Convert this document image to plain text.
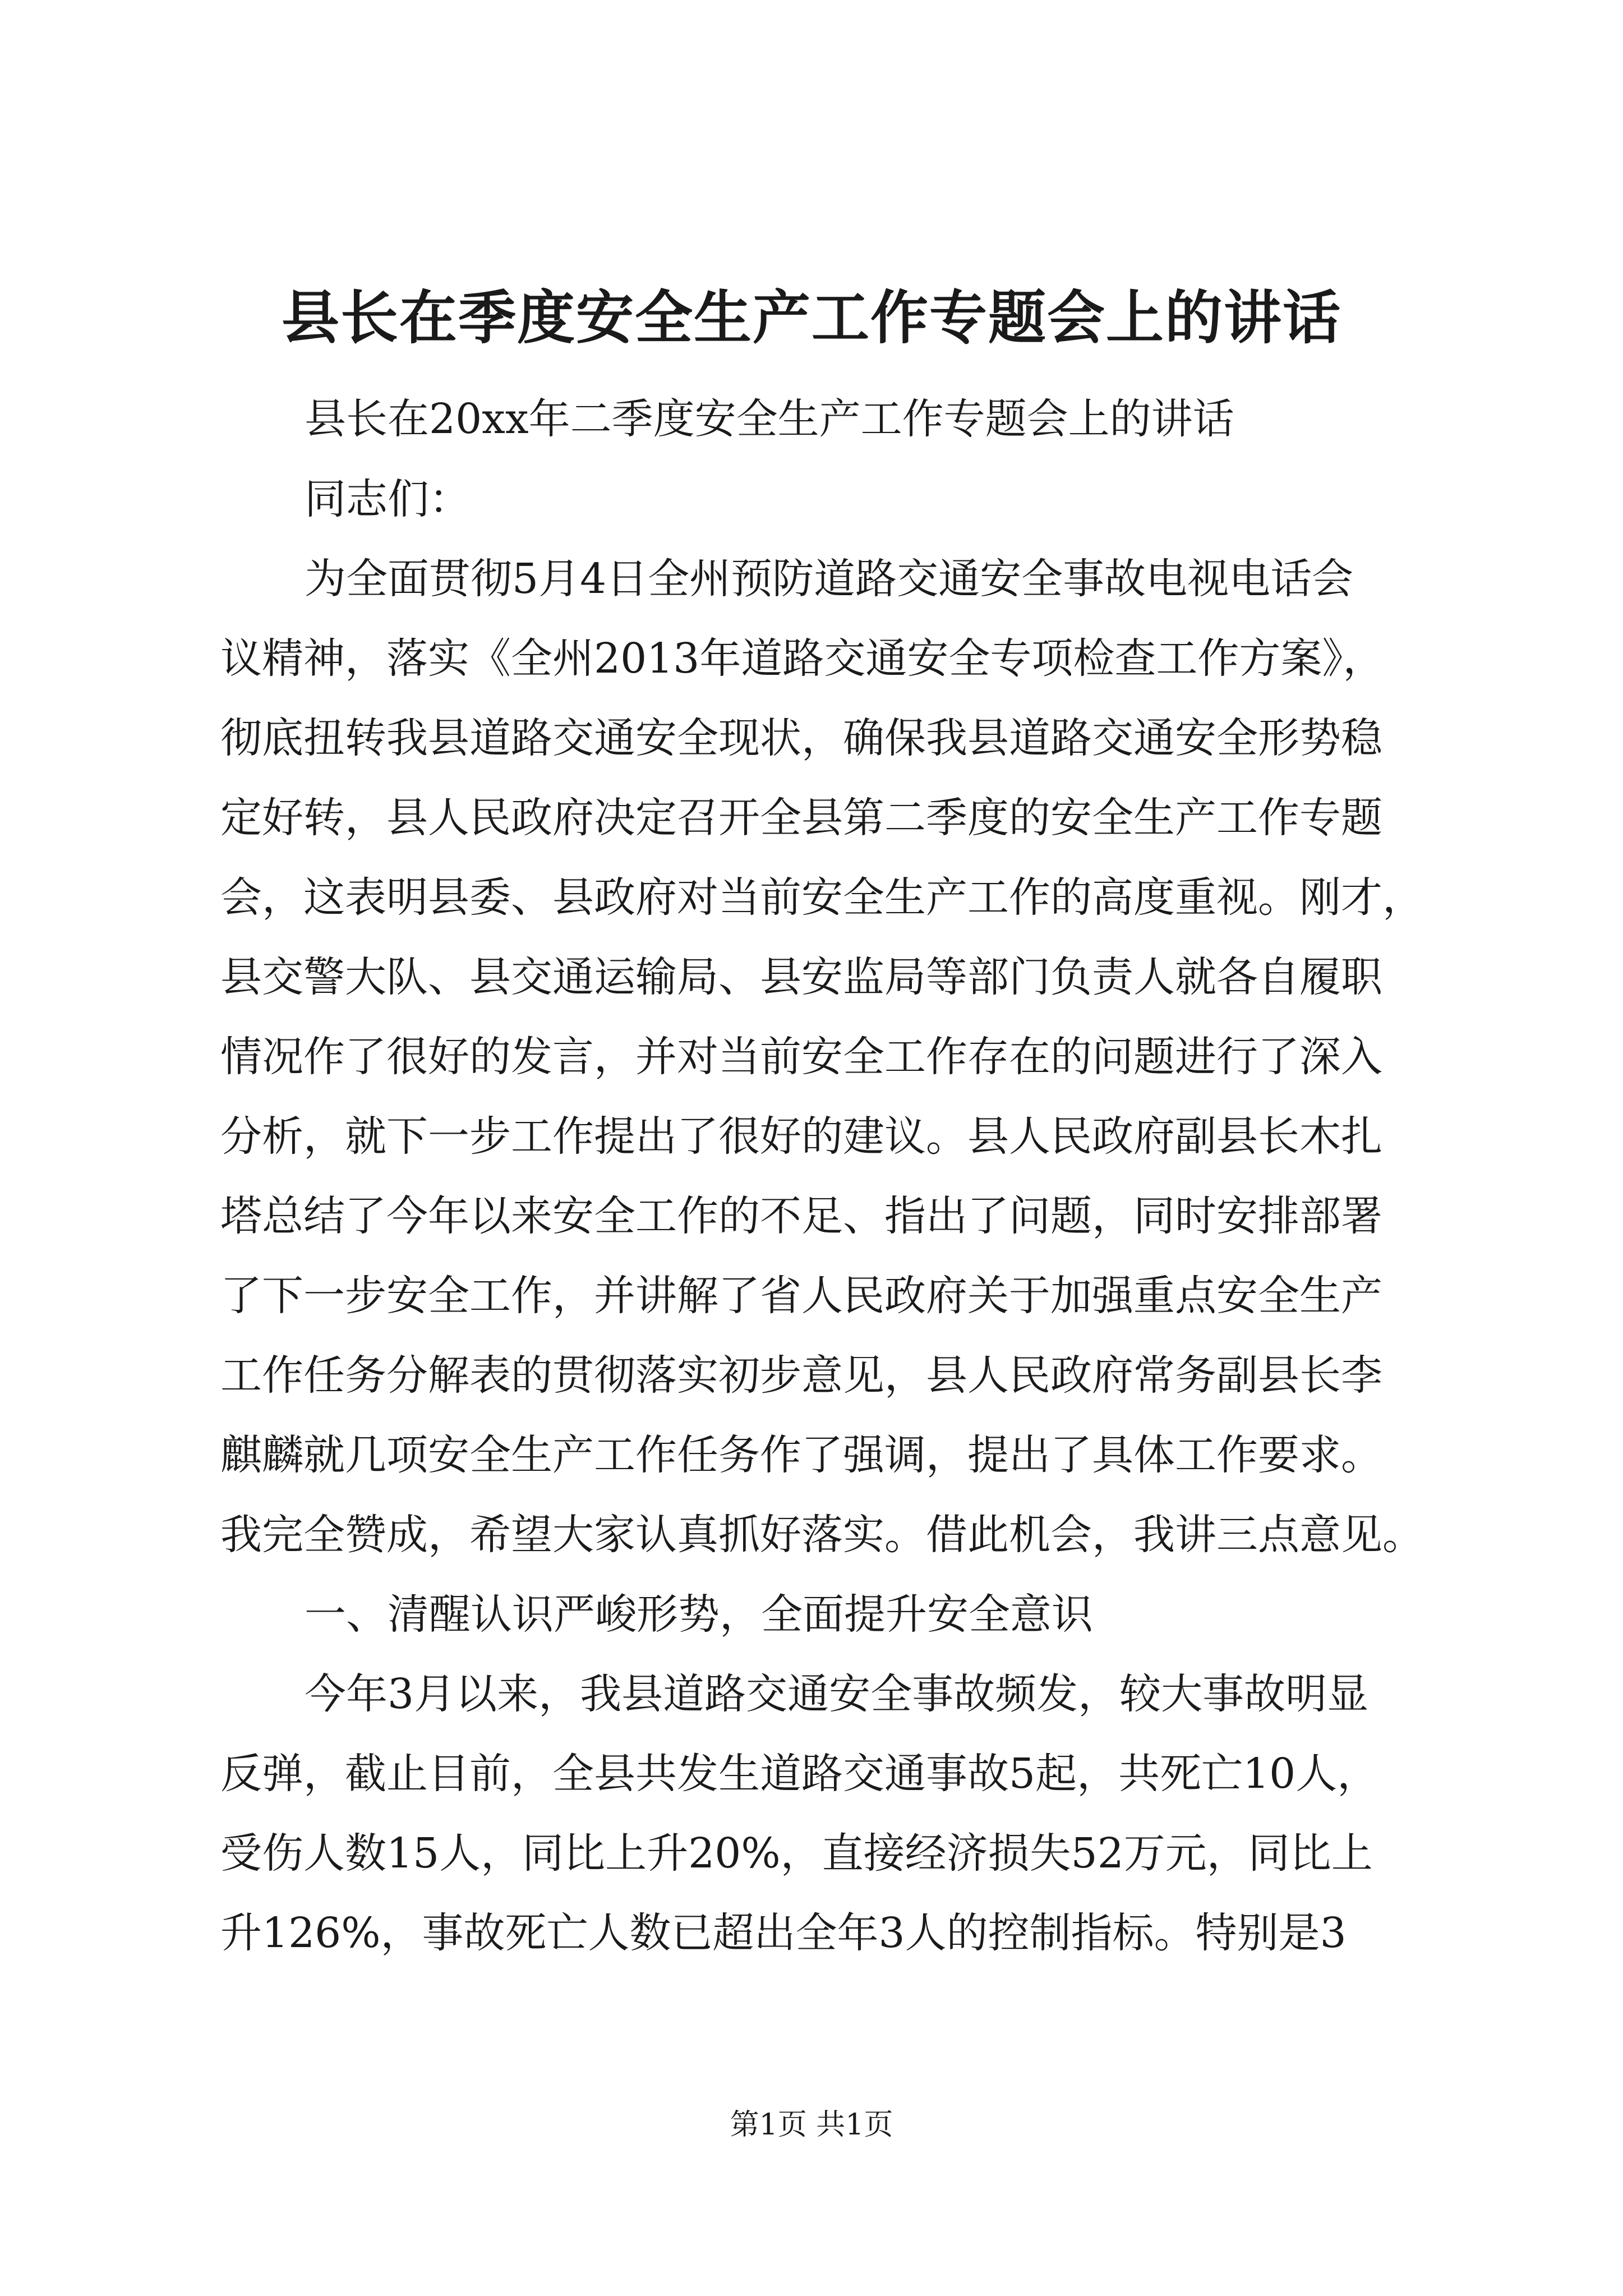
县长在季度安全生产工作专题会上的讲话
县长在20xx年二季度安全生产工作专题会上的讲话
同志们：
为全面贯彻5月4日全州预防道路交通安全事故电视电话会
议精神，落实《全州2013年道路交通安全专项检查工作方案》，
彻底扭转我县道路交通安全现状，确保我县道路交通安全形势稳
定好转，县人民政府决定召开全县第二季度的安全生产工作专题
会，这表明县委、县政府对当前安全生产工作的高度重视。刚才，
县交警大队、县交通运输局、县安监局等部门负责人就各自履职
情况作了很好的发言，并对当前安全工作存在的问题进行了深入
分析，就下一步工作提出了很好的建议。县人民政府副县长木扎
塔总结了今年以来安全工作的不足、指出了问题，同时安排部署
了下一步安全工作，并讲解了省人民政府关于加强重点安全生产
工作任务分解表的贯彻落实初步意见，县人民政府常务副县长李
麒麟就几项安全生产工作任务作了强调，提出了具体工作要求。
我完全赞成，希望大家认真抓好落实。借此机会，我讲三点意见。
一、清醒认识严峻形势，全面提升安全意识
今年3月以来，我县道路交通安全事故频发，较大事故明显
反弹，截止目前，全县共发生道路交通事故5起，共死亡10人，
受伤人数15人，同比上升20%，直接经济损失52万元，同比上
升126%，事故死亡人数已超出全年3人的控制指标。特别是3
第1页 共1页
